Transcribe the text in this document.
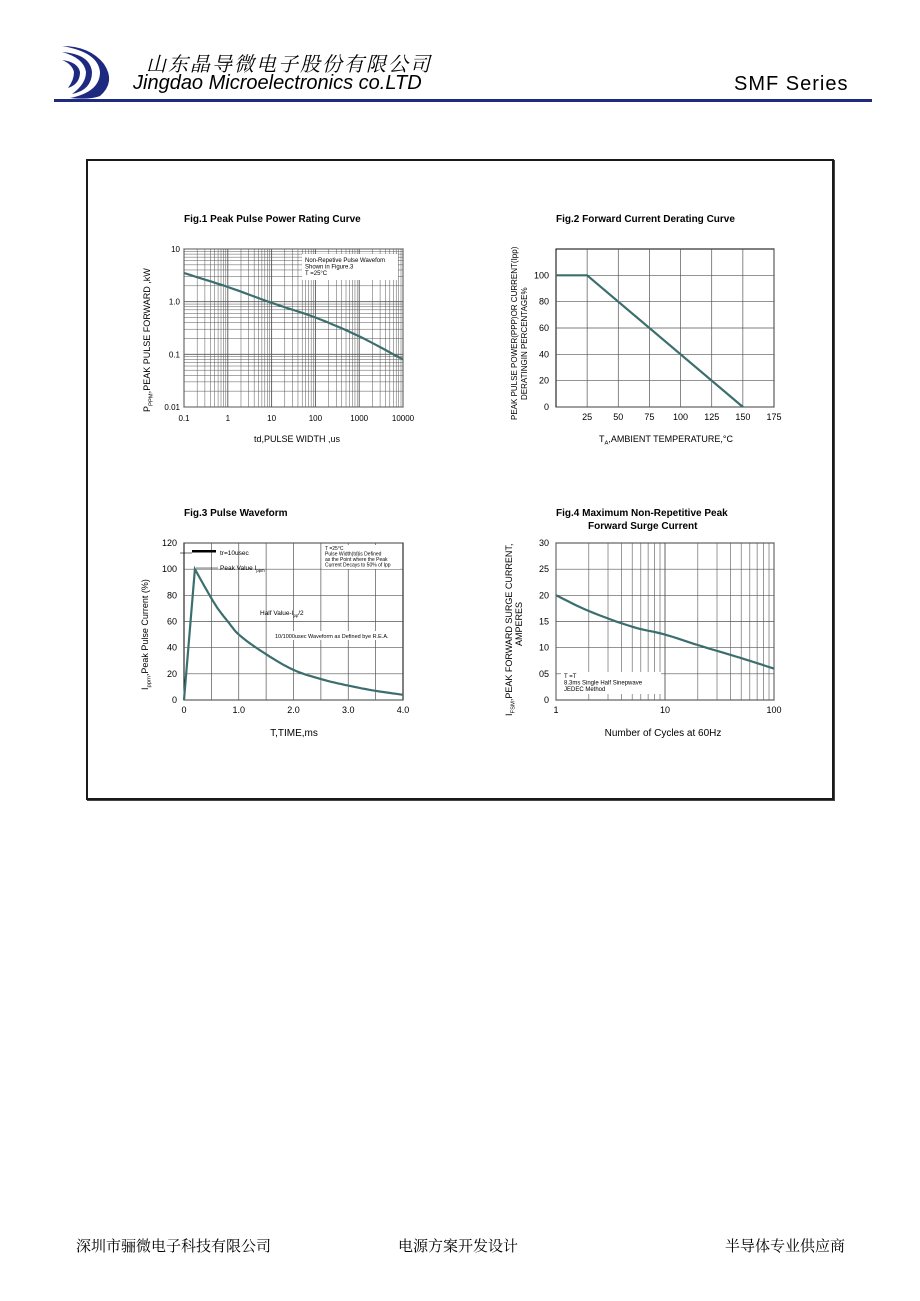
山东晶导微电子股份有限公司
Jingdao Microelectronics co.LTD	SMF Series
Fig.1 Peak Pulse Power Rating Curve
0.1	1	10	100	1000	10000
0.01
0.1
1.0
10
Non-Repetive Pulse Wavefom
Shown in Figure.3
T =25°C
td,PULSE WIDTH ,us
$P_{PPM},PEAK$ PULSE FORWARD ,kW
Fig.2 Forward Current Derating Curve
25 50 75 100 125 150 175
0
20
40
60
80
100
$T_A,AMBIENT$ TEMPERATURE,°C
PEAK PULSE POWER(PPP)OR CURRENT(Ipp) DERATINGIN PERCENTAGE%
Fig.3 Pulse Waveform
0	1.0	2.0	3.0	4.0
0
20
40
60
80
100
120
T =25°C
Pulse Width(td)is Defined
as the Point where the Peak
Current Decays to 50% of Ipp
tr=10usec
Peak Value $I_{ppm}$
Half Value-$I_{pp}/2$
10/1000usec Waveform as Defined bye R.E.A.
T,TIME,ms
$I_{ppm},Peak$ Pulse Current (%)
Fig.4 Maximum Non-Repetitive Peak
Forward Surge Current
1	10	100
0
05
10
15
20
25
30
T =T
8.3ms Single Half Sinepwave
JEDEC Method
Number of Cycles at 60Hz
$I_{FSM},PEAK$ FORWARD SURGE CURRENT, AMPERES
深圳市骊微电子科技有限公司	电源方案开发设计	半导体专业供应商
